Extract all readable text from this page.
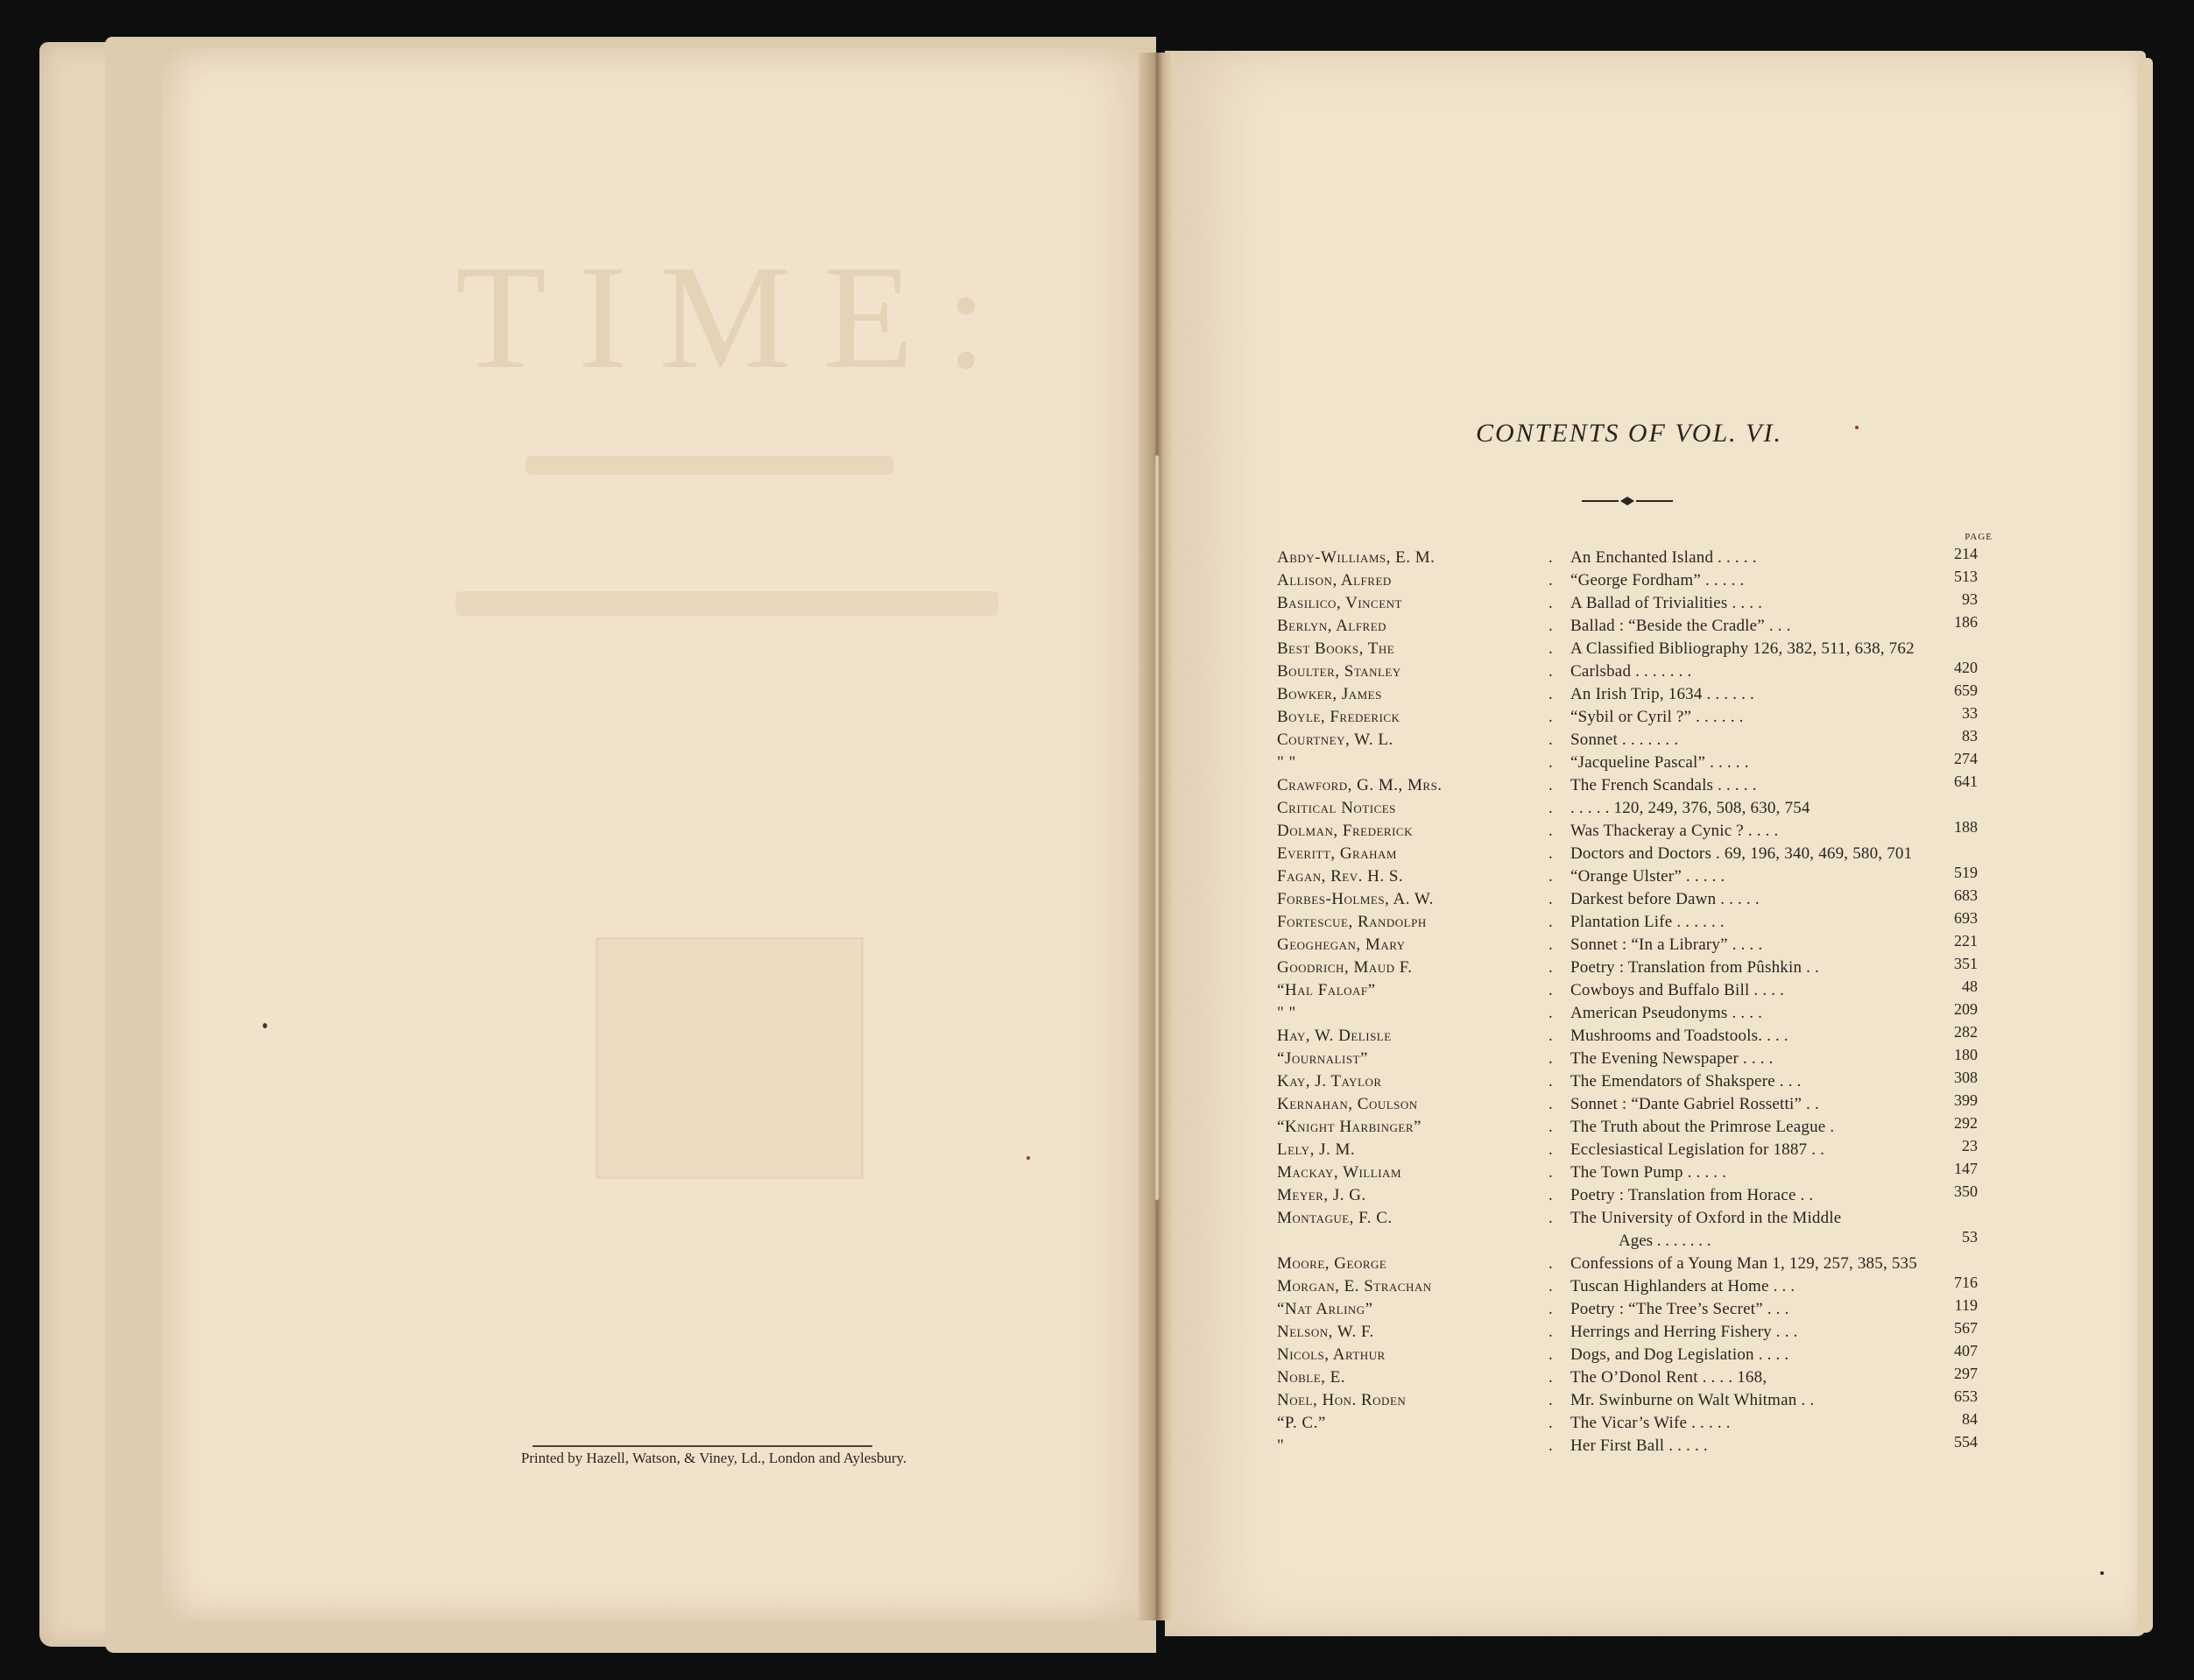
TIME:
Printed by Hazell, Watson, & Viney, Ld., London and Aylesbury.
CONTENTS OF VOL. VI.
PAGE
Abdy-Williams, E. M.	. An Enchanted Island . . . . .	214
Allison, Alfred	. “George Fordham” . . . . .	513
Basilico, Vincent	. A Ballad of Trivialities . . . .	93
Berlyn, Alfred	. Ballad : “Beside the Cradle” . . .	186
Best Books, The	. A Classified Bibliography 126, 382, 511, 638, 762
Boulter, Stanley	. Carlsbad . . . . . . .	420
Bowker, James	. An Irish Trip, 1634 . . . . . .	659
Boyle, Frederick	. “Sybil or Cyril ?” . . . . . .	33
Courtney, W. L.	. Sonnet . . . . . . .	83
" "	. “Jacqueline Pascal” . . . . .	274
Crawford, G. M., Mrs.	. The French Scandals . . . . .	641
Critical Notices	. . . . . . 120, 249, 376, 508, 630, 754
Dolman, Frederick	. Was Thackeray a Cynic ? . . . .	188
Everitt, Graham	. Doctors and Doctors . 69, 196, 340, 469, 580, 701
Fagan, Rev. H. S.	. “Orange Ulster” . . . . .	519
Forbes-Holmes, A. W.	. Darkest before Dawn . . . . .	683
Fortescue, Randolph	. Plantation Life . . . . . .	693
Geoghegan, Mary	. Sonnet : “In a Library” . . . .	221
Goodrich, Maud F.	. Poetry : Translation from Pûshkin . .	351
“Hal Faloaf”	. Cowboys and Buffalo Bill . . . .	48
" "	. American Pseudonyms . . . .	209
Hay, W. Delisle	. Mushrooms and Toadstools. . . .	282
“Journalist”	. The Evening Newspaper . . . .	180
Kay, J. Taylor	. The Emendators of Shakspere . . .	308
Kernahan, Coulson	. Sonnet : “Dante Gabriel Rossetti” . .	399
“Knight Harbinger”	. The Truth about the Primrose League .	292
Lely, J. M.	. Ecclesiastical Legislation for 1887 . .	23
Mackay, William	. The Town Pump . . . . .	147
Meyer, J. G.	. Poetry : Translation from Horace . .	350
Montague, F. C.	. The University of Oxford in the Middle
Ages . . . . . . .	53
Moore, George	. Confessions of a Young Man 1, 129, 257, 385, 535
Morgan, E. Strachan	. Tuscan Highlanders at Home . . .	716
“Nat Arling”	. Poetry : “The Tree’s Secret” . . .	119
Nelson, W. F.	. Herrings and Herring Fishery . . .	567
Nicols, Arthur	. Dogs, and Dog Legislation . . . .	407
Noble, E.	. The O’Donol Rent . . . . 168,	297
Noel, Hon. Roden	. Mr. Swinburne on Walt Whitman . .	653
“P. C.”	. The Vicar’s Wife . . . . .	84
"	. Her First Ball . . . . .	554
